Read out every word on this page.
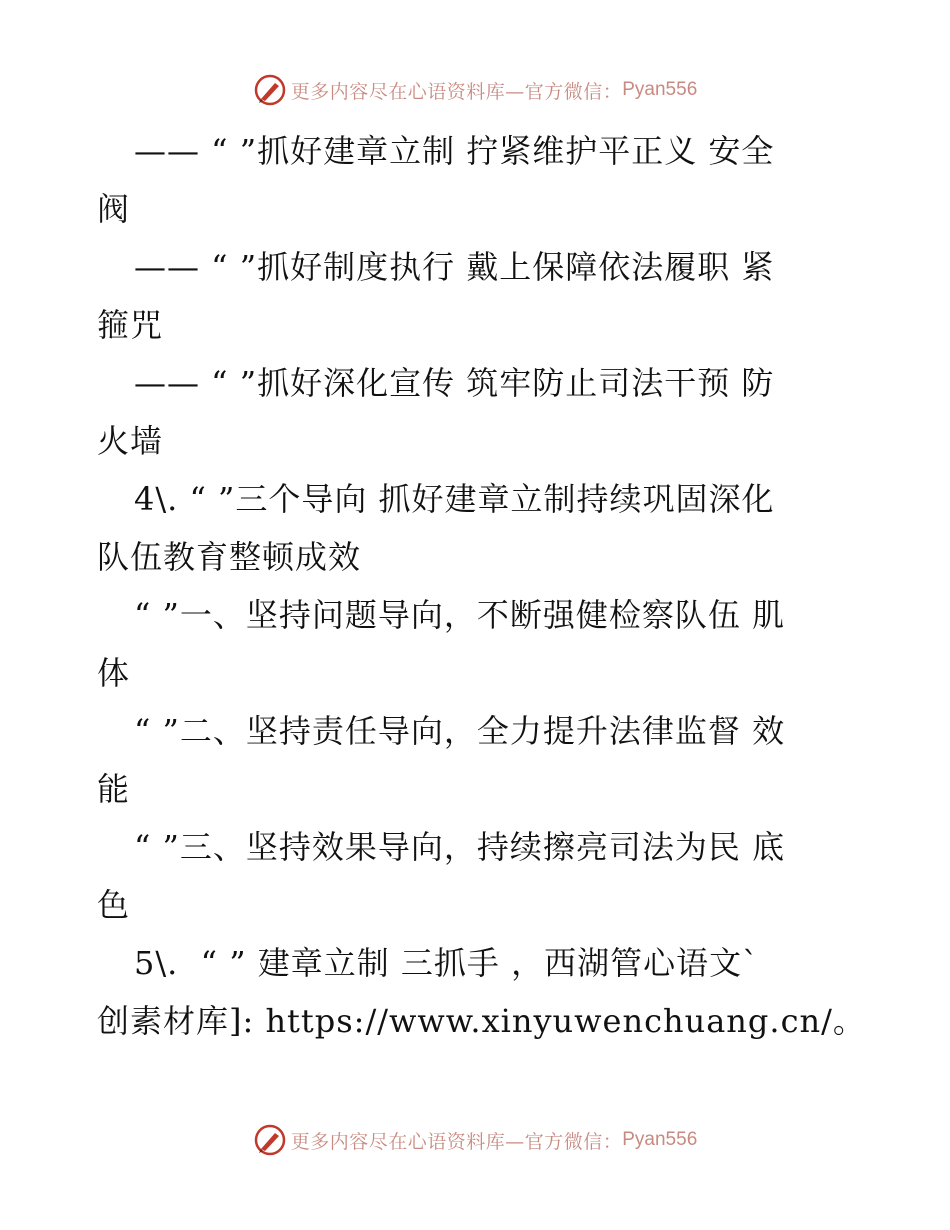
更多内容尽在心语资料库—官方微信： Pyan556
—— “ ”抓好建章立制 拧紧维护平正义 安全
阀
—— “ ”抓好制度执行 戴上保障依法履职 紧
箍咒
—— “ ”抓好深化宣传 筑牢防止司法干预 防
火墙
4\. “ ”三个导向 抓好建章立制持续巩固深化
队伍教育整顿成效
“ ”一、坚持问题导向，不断强健检察队伍 肌
体
“ ”二、坚持责任导向，全力提升法律监督 效
能
“ ”三、坚持效果导向，持续擦亮司法为民 底
色
5\.  “ ” 建章立制 三抓手 ，西湖管心语文`
创素材库]: https://www.xinyuwenchuang.cn/。
更多内容尽在心语资料库—官方微信： Pyan556
